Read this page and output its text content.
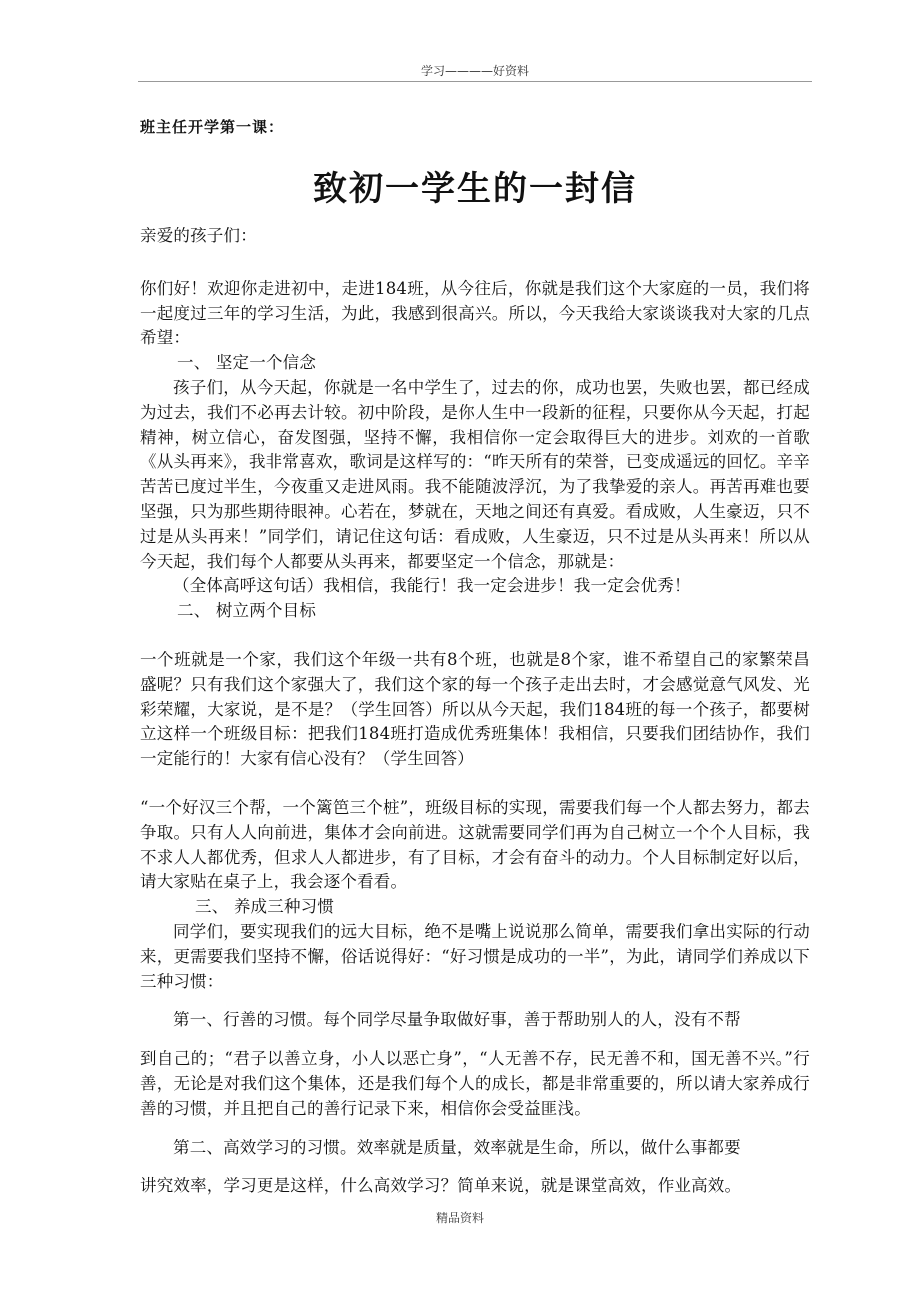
学习————好资料

班主任开学第一课：

致初一学生的一封信

亲爱的孩子们：

你们好！欢迎你走进初中，走进184班，从今往后，你就是我们这个大家庭的一员，我们将一起度过三年的学习生活，为此，我感到很高兴。所以，今天我给大家谈谈我对大家的几点希望：

一、 坚定一个信念

孩子们，从今天起，你就是一名中学生了，过去的你，成功也罢，失败也罢，都已经成为过去，我们不必再去计较。初中阶段，是你人生中一段新的征程，只要你从今天起，打起精神，树立信心，奋发图强，坚持不懈，我相信你一定会取得巨大的进步。刘欢的一首歌《从头再来》，我非常喜欢，歌词是这样写的：“昨天所有的荣誉，已变成遥远的回忆。辛辛苦苦已度过半生，今夜重又走进风雨。我不能随波浮沉，为了我挚爱的亲人。再苦再难也要坚强，只为那些期待眼神。心若在，梦就在，天地之间还有真爱。看成败，人生豪迈，只不过是从头再来！”同学们，请记住这句话：看成败，人生豪迈，只不过是从头再来！所以从今天起，我们每个人都要从头再来，都要坚定一个信念，那就是：

（全体高呼这句话）我相信，我能行！我一定会进步！我一定会优秀！

二、 树立两个目标

一个班就是一个家，我们这个年级一共有8个班，也就是8个家，谁不希望自己的家繁荣昌盛呢？只有我们这个家强大了，我们这个家的每一个孩子走出去时，才会感觉意气风发、光彩荣耀，大家说，是不是？（学生回答）所以从今天起，我们184班的每一个孩子，都要树立这样一个班级目标：把我们184班打造成优秀班集体！我相信，只要我们团结协作，我们一定能行的！大家有信心没有？（学生回答）

“一个好汉三个帮，一个篱笆三个桩”，班级目标的实现，需要我们每一个人都去努力，都去争取。只有人人向前进，集体才会向前进。这就需要同学们再为自己树立一个个人目标，我不求人人都优秀，但求人人都进步，有了目标，才会有奋斗的动力。个人目标制定好以后，请大家贴在桌子上，我会逐个看看。

三、 养成三种习惯

同学们，要实现我们的远大目标，绝不是嘴上说说那么简单，需要我们拿出实际的行动来，更需要我们坚持不懈，俗话说得好：“好习惯是成功的一半”，为此，请同学们养成以下三种习惯：

第一、行善的习惯。每个同学尽量争取做好事，善于帮助别人的人，没有不帮

到自己的；“君子以善立身，小人以恶亡身”，“人无善不存，民无善不和，国无善不兴。”行善，无论是对我们这个集体，还是我们每个人的成长，都是非常重要的，所以请大家养成行善的习惯，并且把自己的善行记录下来，相信你会受益匪浅。

第二、高效学习的习惯。效率就是质量，效率就是生命，所以，做什么事都要

讲究效率，学习更是这样，什么高效学习？简单来说，就是课堂高效，作业高效。

精品资料
